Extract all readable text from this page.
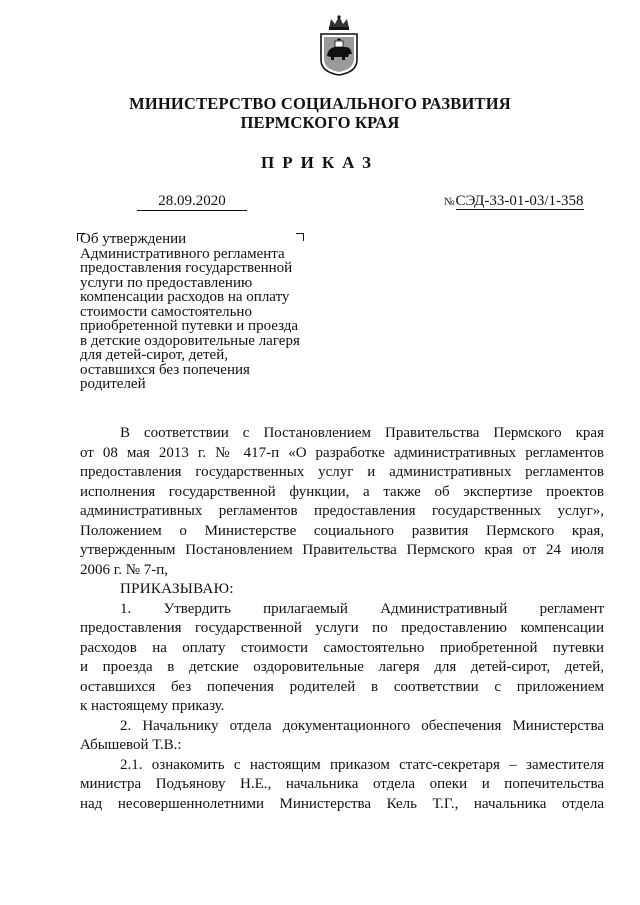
МИНИСТЕРСТВО СОЦИАЛЬНОГО РАЗВИТИЯ
ПЕРМСКОГО КРАЯ
ПРИКАЗ
28.09.2020	№СЭД-33-01-03/1-358
Об утверждении
Административного регламента
предоставления государственной
услуги по предоставлению
компенсации расходов на оплату
стоимости самостоятельно
приобретенной путевки и проезда
в детские оздоровительные лагеря
для детей-сирот, детей,
оставшихся без попечения
родителей
В соответствии с Постановлением Правительства Пермского края
от 08 мая 2013 г. № 417-п «О разработке административных регламентов
предоставления государственных услуг и административных регламентов
исполнения государственной функции, а также об экспертизе проектов
административных регламентов предоставления государственных услуг»,
Положением о Министерстве социального развития Пермского края,
утвержденным Постановлением Правительства Пермского края от 24 июля
2006 г. № 7-п,
ПРИКАЗЫВАЮ:
1. Утвердить прилагаемый Административный регламент
предоставления государственной услуги по предоставлению компенсации
расходов на оплату стоимости самостоятельно приобретенной путевки
и проезда в детские оздоровительные лагеря для детей-сирот, детей,
оставшихся без попечения родителей в соответствии с приложением
к настоящему приказу.
2. Начальнику отдела документационного обеспечения Министерства
Абышевой Т.В.:
2.1. ознакомить с настоящим приказом статс-секретаря – заместителя
министра Подъянову Н.Е., начальника отдела опеки и попечительства
над несовершеннолетними Министерства Кель Т.Г., начальника отдела
